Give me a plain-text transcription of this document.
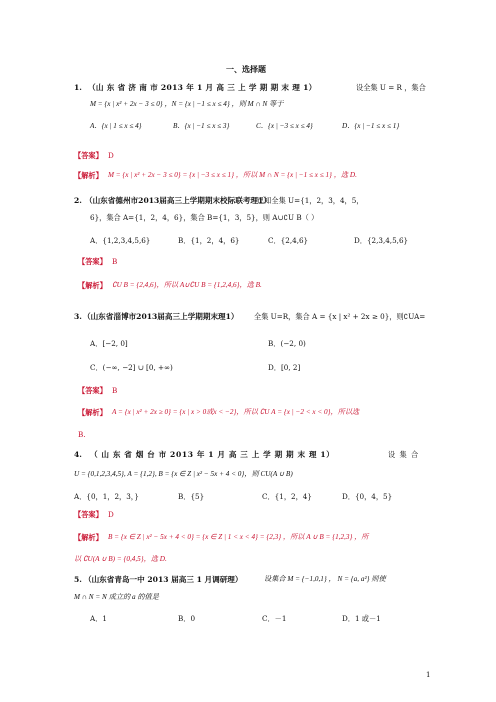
一、选择题
1. （山 东 省 济 南 市 2013 年 1 月 高 三 上 学 期 期 末 理 1）	设全集 U = R ，集合
M = {x | x² + 2x − 3 ≤ 0} ，N = {x | −1 ≤ x ≤ 4} ，则 M ∩ N 等于
A．{x | 1 ≤ x ≤ 4}	B．{x | −1 ≤ x ≤ 3}	C．{x | −3 ≤ x ≤ 4}	D．{x | −1 ≤ x ≤ 1}
【答案】 D
【解析】 M = {x | x² + 2x − 3 ≤ 0} = {x | −3 ≤ x ≤ 1} ，所以 M ∩ N = {x | −1 ≤ x ≤ 1} ，选 D.
2. （山东省德州市2013届高三上学期期末校际联考理1）
已知全集 U={1，2，3，4，5，
6}，集合 A={1，2，4，6}，集合 B={1，3，5}，则 A∪∁U B（ ）
A．{1,2,3,4,5,6}	B．{1，2，4，6}	C．{2,4,6}	D．{2,3,4,5,6}
【答案】 B
【解析】 ∁U B = {2,4,6}，所以 A∪∁U B = {1,2,4,6}，选 B.
3. （山东省淄博市2013届高三上学期期末理1） 全集 U=R，集合 A = {x | x² + 2x ≥ 0}，则∁UA=
A．[−2, 0]	B．(−2, 0)
C．(−∞, −2] ∪ [0, +∞)	D．[0, 2]
【答案】 B
【解析】 A = {x | x² + 2x ≥ 0} = {x | x > 0或x < −2}，所以 ∁U A = {x | −2 < x < 0}，所以选
B.
4. （ 山 东 省 烟 台 市 2013 年 1 月 高 三 上 学 期 期 末 理 1）	设 集 合
U = {0,1,2,3,4,5}, A = {1,2}, B = {x ∈ Z | x² − 5x + 4 < 0}，则 CU(A ∪ B)
A．{0，1，2，3，}	B．{5}	C．{1，2，4}	D．{0，4，5}
【答案】 D
【解析】 B = {x ∈ Z | x² − 5x + 4 < 0} = {x ∈ Z | 1 < x < 4} = {2,3} ，所以 A ∪ B = {1,2,3} ，所
以 ∁U(A ∪ B) = {0,4,5}，选 D.
5. （山东省青岛一中 2013 届高三 1 月调研理）	设集合 M = {−1,0,1} ， N = {a, a²} 则使
M ∩ N = N 成立的 a 的值是
A．1	B．0	C．－1	D．1 或－1
1
